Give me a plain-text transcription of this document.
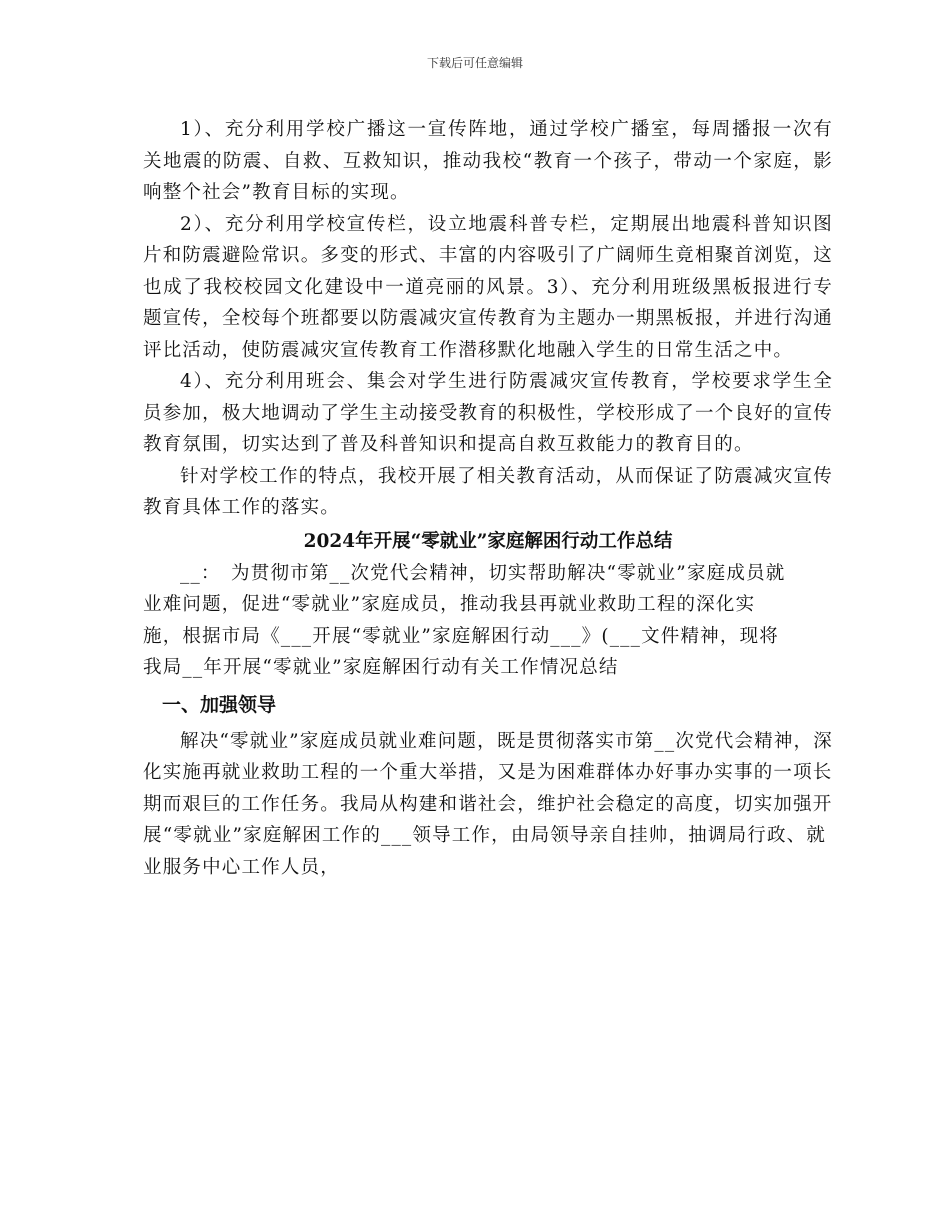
下载后可任意编辑

1）、充分利用学校广播这一宣传阵地，通过学校广播室，每周播报一次有关地震的防震、自救、互救知识，推动我校“教育一个孩子，带动一个家庭，影响整个社会”教育目标的实现。

2）、充分利用学校宣传栏，设立地震科普专栏，定期展出地震科普知识图片和防震避险常识。多变的形式、丰富的内容吸引了广阔师生竟相聚首浏览，这也成了我校校园文化建设中一道亮丽的风景。3）、充分利用班级黑板报进行专题宣传，全校每个班都要以防震减灾宣传教育为主题办一期黑板报，并进行沟通评比活动，使防震减灾宣传教育工作潜移默化地融入学生的日常生活之中。

4）、充分利用班会、集会对学生进行防震减灾宣传教育，学校要求学生全员参加，极大地调动了学生主动接受教育的积极性，学校形成了一个良好的宣传教育氛围，切实达到了普及科普知识和提高自救互救能力的教育目的。

针对学校工作的特点，我校开展了相关教育活动，从而保证了防震减灾宣传教育具体工作的落实。

2024年开展“零就业”家庭解困行动工作总结

__：　为贯彻市第__次党代会精神，切实帮助解决“零就业”家庭成员就业难问题，促进“零就业”家庭成员，推动我县再就业救助工程的深化实施，根据市局《___开展“零就业”家庭解困行动___》(___文件精神，现将我局__年开展“零就业”家庭解困行动有关工作情况总结

一、加强领导

解决“零就业”家庭成员就业难问题，既是贯彻落实市第__次党代会精神，深化实施再就业救助工程的一个重大举措，又是为困难群体办好事办实事的一项长期而艰巨的工作任务。我局从构建和谐社会，维护社会稳定的高度，切实加强开展“零就业”家庭解困工作的___领导工作，由局领导亲自挂帅，抽调局行政、就业服务中心工作人员，
